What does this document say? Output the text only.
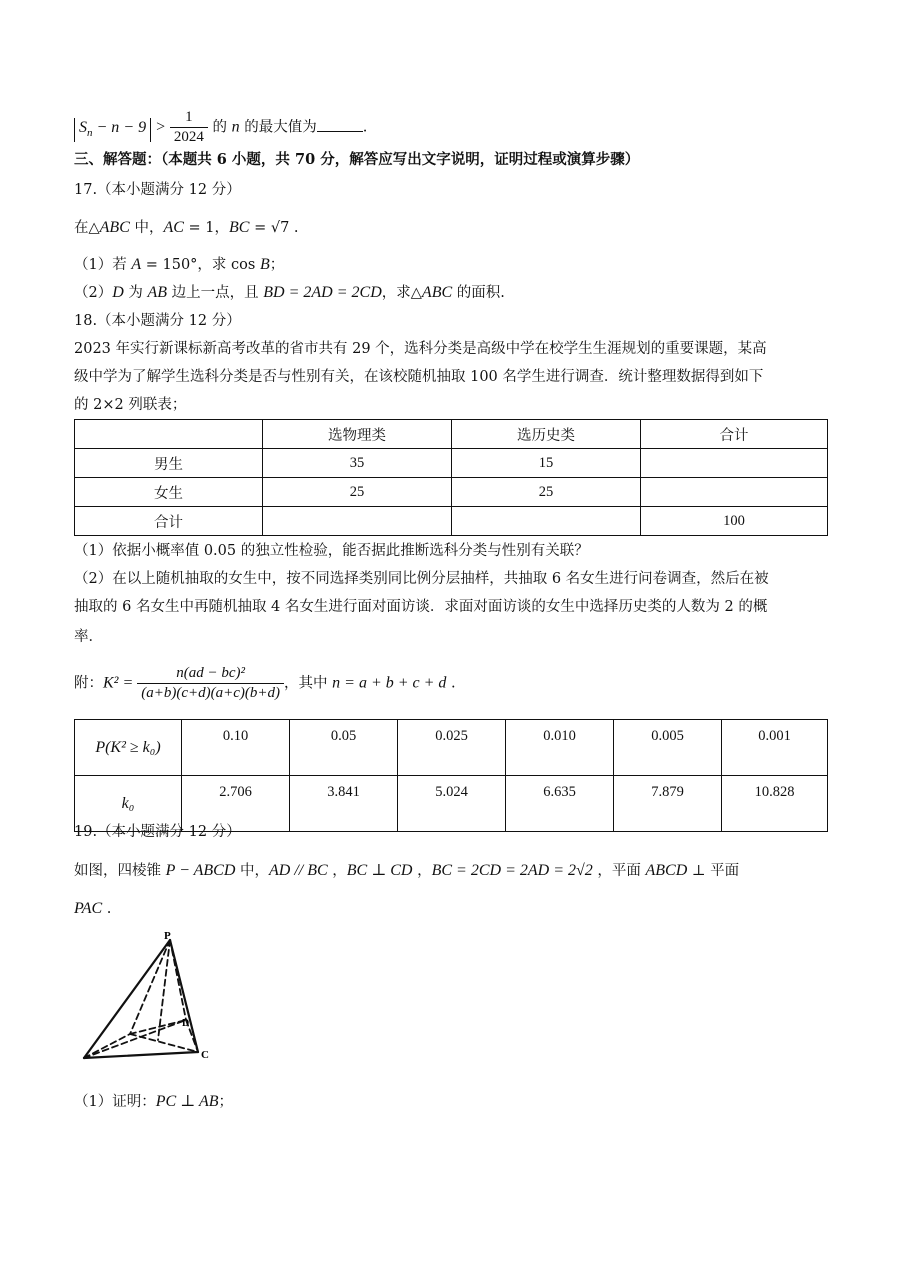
$S_n - n - 9 > \frac{1}{2024}$ 的 n 的最大值为	.
三、解答题：（本题共 6 小题，共 70 分，解答应写出文字说明，证明过程或演算步骤）
17.（本小题满分 12 分）
在△ABC 中，AC = 1，BC = √7 .
（1）若 A = 150°，求 cos B；
（2）D 为 AB 边上一点，且 BD = 2AD = 2CD，求△ABC 的面积.
18.（本小题满分 12 分）
2023 年实行新课标新高考改革的省市共有 29 个，选科分类是高级中学在校学生生涯规划的重要课题，某高
级中学为了解学生选科分类是否与性别有关，在该校随机抽取 100 名学生进行调查．统计整理数据得到如下
的 2×2 列联表；
	选物理类	选历史类	合计
男生	35	15	
女生	25	25	
合计			100
（1）依据小概率值 0.05 的独立性检验，能否据此推断选科分类与性别有关联？
（2）在以上随机抽取的女生中，按不同选择类别同比例分层抽样，共抽取 6 名女生进行问卷调查，然后在被
抽取的 6 名女生中再随机抽取 4 名女生进行面对面访谈．求面对面访谈的女生中选择历史类的人数为 2 的概
率．
附：$K^2 = \frac{\text{n(ad − bc)²}}{(a+b)(c+d)(a+c)(b+d)}$ ，其中 n = a + b + c + d .
P(K² ≥ k₀)	0.10	0.05	0.025	0.010	0.005	0.001
k₀	2.706	3.841	5.024	6.635	7.879	10.828
19.（本小题满分 12 分）
如图，四棱锥 P − ABCD 中，AD // BC ，BC ⊥ CD ，BC = 2CD = 2AD = 2√2 ，平面 ABCD ⊥ 平面
PAC .
P
D
C
（1）证明：PC ⊥ AB；
